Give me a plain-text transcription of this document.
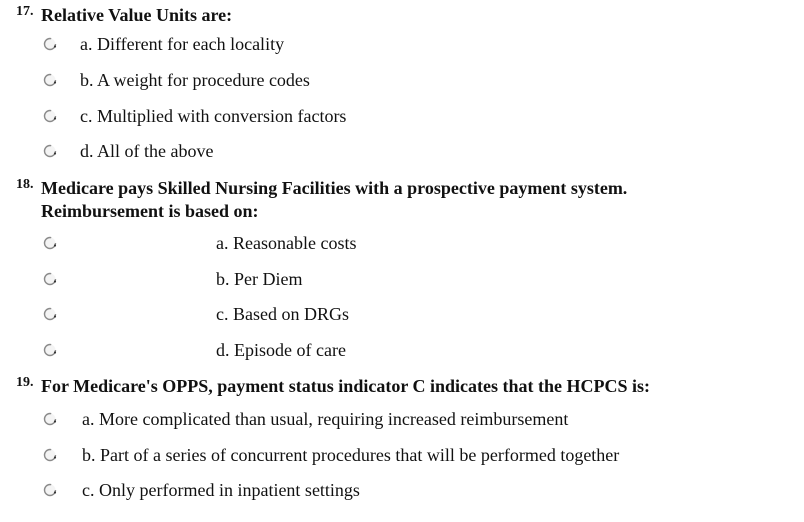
17. Relative Value Units are:
a. Different for each locality
b. A weight for procedure codes
c. Multiplied with conversion factors
d. All of the above
18. Medicare pays Skilled Nursing Facilities with a prospective payment system. Reimbursement is based on:
a. Reasonable costs
b. Per Diem
c. Based on DRGs
d. Episode of care
19. For Medicare's OPPS, payment status indicator C indicates that the HCPCS is:
a. More complicated than usual, requiring increased reimbursement
b. Part of a series of concurrent procedures that will be performed together
c. Only performed in inpatient settings
